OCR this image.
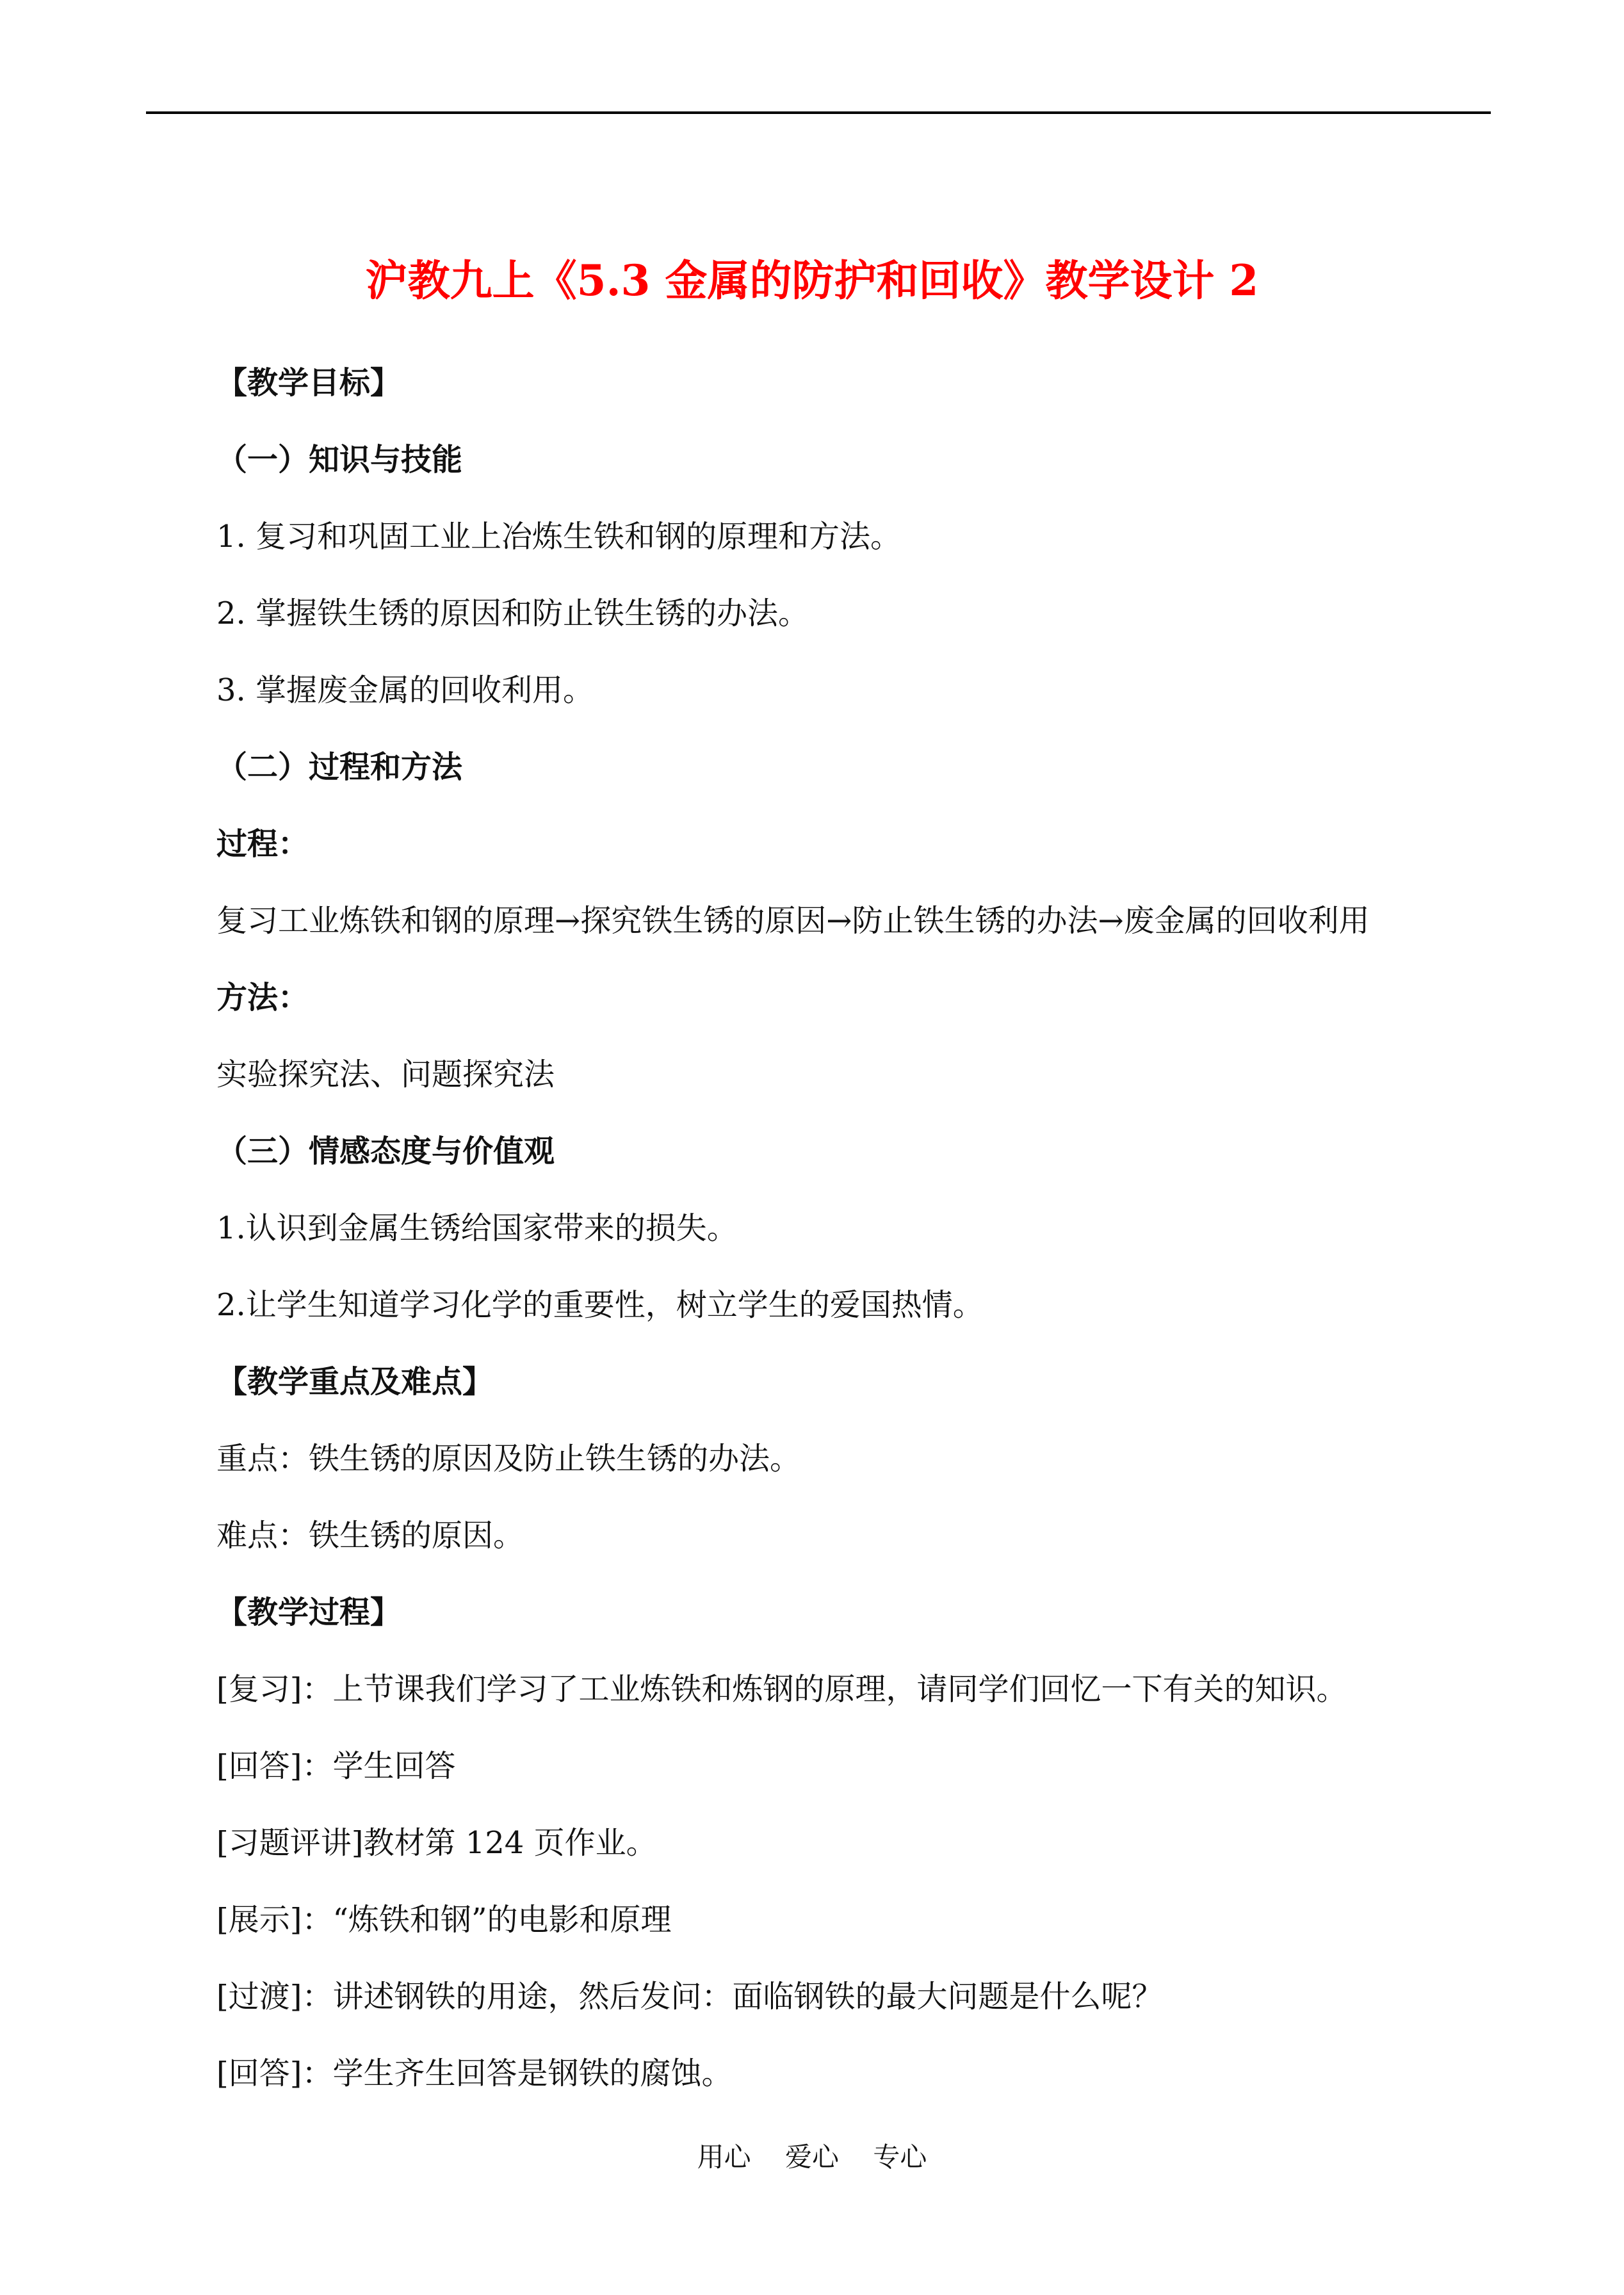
沪教九上《5.3 金属的防护和回收》教学设计 2
【教学目标】
（一）知识与技能
1. 复习和巩固工业上冶炼生铁和钢的原理和方法。
2. 掌握铁生锈的原因和防止铁生锈的办法。
3. 掌握废金属的回收利用。
（二）过程和方法
过程：
复习工业炼铁和钢的原理→探究铁生锈的原因→防止铁生锈的办法→废金属的回收利用
方法：
实验探究法、问题探究法
（三）情感态度与价值观
1.认识到金属生锈给国家带来的损失。
2.让学生知道学习化学的重要性，树立学生的爱国热情。
【教学重点及难点】
重点：铁生锈的原因及防止铁生锈的办法。
难点：铁生锈的原因。
【教学过程】
[复习]：上节课我们学习了工业炼铁和炼钢的原理，请同学们回忆一下有关的知识。
[回答]：学生回答
[习题评讲]教材第 124 页作业。
[展示]：“炼铁和钢”的电影和原理
[过渡]：讲述钢铁的用途，然后发问：面临钢铁的最大问题是什么呢？
[回答]：学生齐生回答是钢铁的腐蚀。
用心    爱心    专心
